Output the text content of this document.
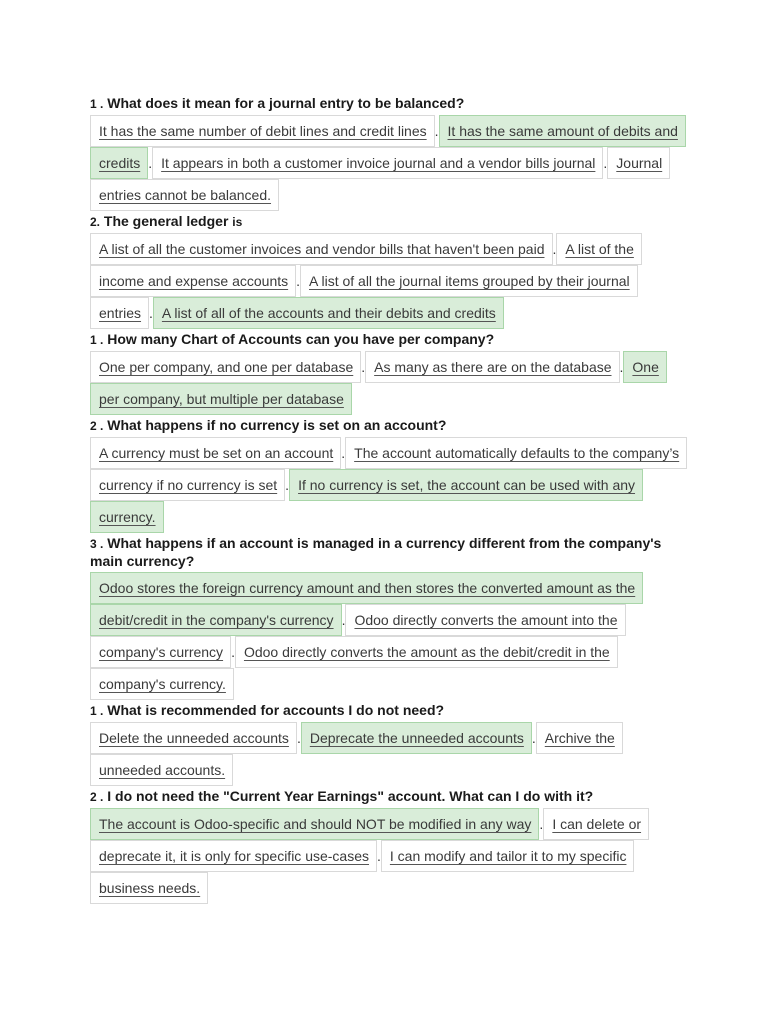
1 . What does it mean for a journal entry to be balanced?
It has the same number of debit lines and credit lines . It has the same amount of debits and credits . It appears in both a customer invoice journal and a vendor bills journal . Journal entries cannot be balanced.
2. The general ledger is
A list of all the customer invoices and vendor bills that haven't been paid . A list of the income and expense accounts . A list of all the journal items grouped by their journal entries . A list of all of the accounts and their debits and credits
1 . How many Chart of Accounts can you have per company?
One per company, and one per database . As many as there are on the database . One per company, but multiple per database
2 . What happens if no currency is set on an account?
A currency must be set on an account . The account automatically defaults to the company’s currency if no currency is set . If no currency is set, the account can be used with any currency.
3 . What happens if an account is managed in a currency different from the company's main currency?
Odoo stores the foreign currency amount and then stores the converted amount as the debit/credit in the company's currency . Odoo directly converts the amount into the company's currency . Odoo directly converts the amount as the debit/credit in the company's currency.
1 . What is recommended for accounts I do not need?
Delete the unneeded accounts . Deprecate the unneeded accounts . Archive the unneeded accounts.
2 . I do not need the "Current Year Earnings" account. What can I do with it?
The account is Odoo-specific and should NOT be modified in any way . I can delete or deprecate it, it is only for specific use-cases . I can modify and tailor it to my specific business needs.
